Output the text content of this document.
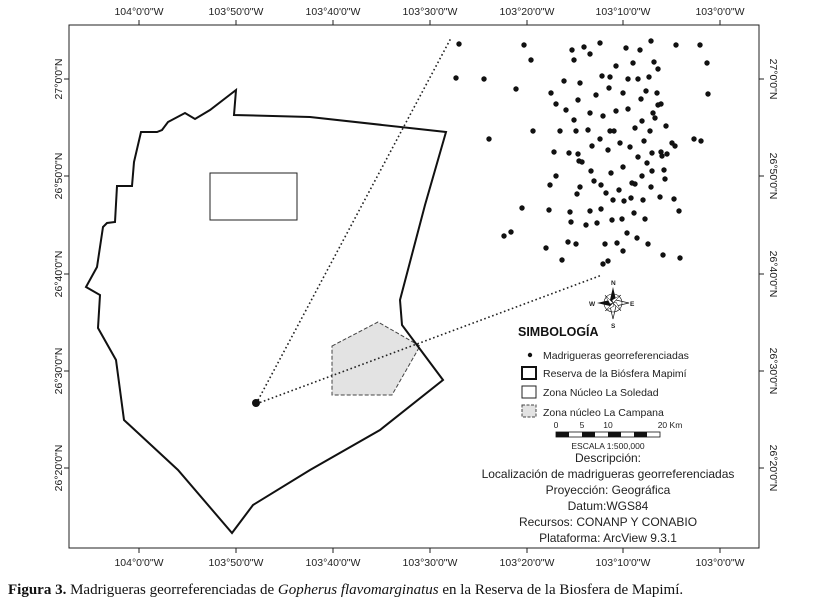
104°0'0"W	103°50'0"W	103°40'0"W	103°30'0"W	103°20'0"W	103°10'0"W	103°0'0"W
104°0'0"W	103°50'0"W	103°40'0"W	103°30'0"W	103°20'0"W	103°10'0"W	103°0'0"W
27°0'0"N
26°50'0"N
26°40'0"N
26°30'0"N
26°20'0"N
27°0'0"N
26°50'0"N
26°40'0"N
26°30'0"N
26°20'0"N
N
S
E
W
SIMBOLOGÍA
Madrigueras georreferenciadas
Reserva de la Biósfera Mapimí
Zona Núcleo La Soledad
Zona núcleo La Campana
0	5 10	20 Km
ESCALA 1:500,000
Descripción:
Localización de madrigueras georreferenciadas
Proyección: Geográfica
Datum:WGS84
Recursos: CONANP Y CONABIO
Plataforma: ArcView 9.3.1
Figura 3. Madrigueras georreferenciadas de Gopherus flavomarginatus en la Reserva de la Biosfera de Mapimí.
